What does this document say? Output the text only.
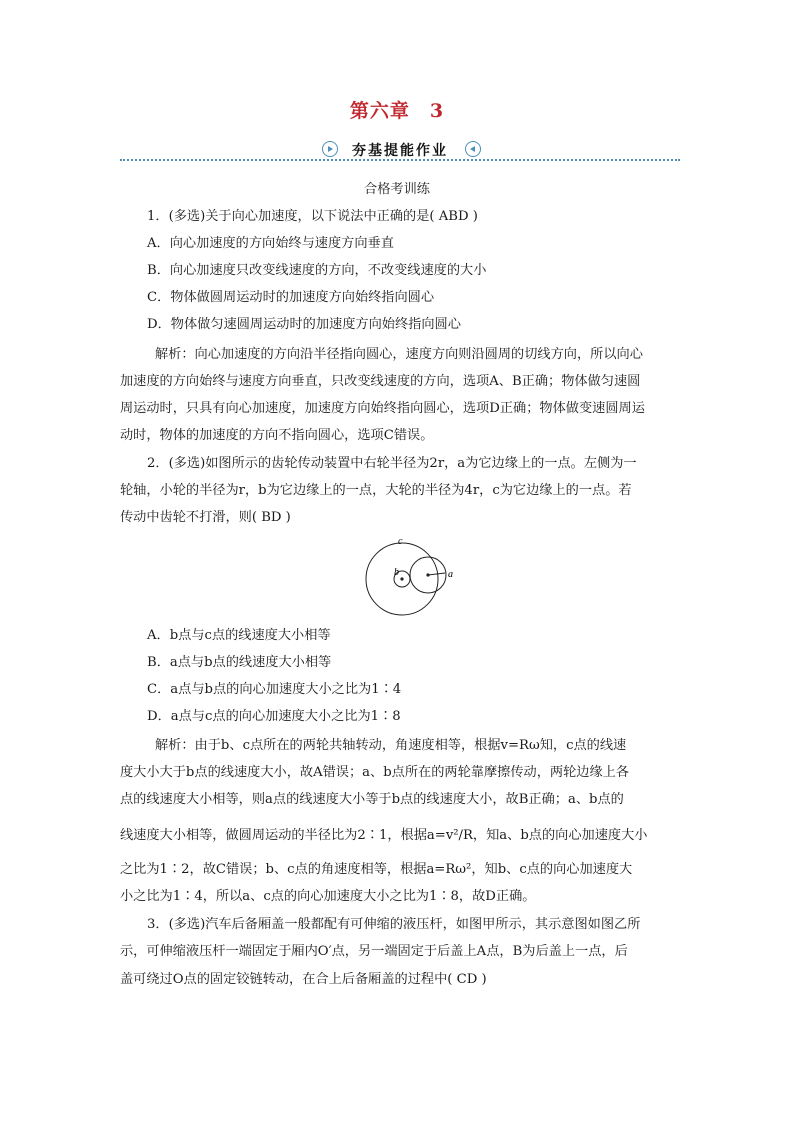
第六章　3
夯基提能作业
合格考训练
1．(多选)关于向心加速度，以下说法中正确的是( ABD )
A．向心加速度的方向始终与速度方向垂直
B．向心加速度只改变线速度的方向，不改变线速度的大小
C．物体做圆周运动时的加速度方向始终指向圆心
D．物体做匀速圆周运动时的加速度方向始终指向圆心
解析：向心加速度的方向沿半径指向圆心，速度方向则沿圆周的切线方向，所以向心
加速度的方向始终与速度方向垂直，只改变线速度的方向，选项A、B正确；物体做匀速圆
周运动时，只具有向心加速度，加速度方向始终指向圆心，选项D正确；物体做变速圆周运
动时，物体的加速度的方向不指向圆心，选项C错误。
2．(多选)如图所示的齿轮传动装置中右轮半径为2r，a为它边缘上的一点。左侧为一
轮轴，小轮的半径为r，b为它边缘上的一点，大轮的半径为4r，c为它边缘上的一点。若
传动中齿轮不打滑，则( BD )
a
b
c
A．b点与c点的线速度大小相等
B．a点与b点的线速度大小相等
C．a点与b点的向心加速度大小之比为1∶4
D．a点与c点的向心加速度大小之比为1∶8
解析：由于b、c点所在的两轮共轴转动，角速度相等，根据v=Rω知，c点的线速
度大小大于b点的线速度大小，故A错误；a、b点所在的两轮靠摩擦传动，两轮边缘上各
点的线速度大小相等，则a点的线速度大小等于b点的线速度大小，故B正确；a、b点的
线速度大小相等，做圆周运动的半径比为2∶1，根据a=v²/R，知a、b点的向心加速度大小
之比为1∶2，故C错误；b、c点的角速度相等，根据a=Rω²，知b、c点的向心加速度大
小之比为1∶4，所以a、c点的向心加速度大小之比为1∶8，故D正确。
3．(多选)汽车后备厢盖一般都配有可伸缩的液压杆，如图甲所示，其示意图如图乙所
示，可伸缩液压杆一端固定于厢内O′点，另一端固定于后盖上A点，B为后盖上一点，后
盖可绕过O点的固定铰链转动，在合上后备厢盖的过程中( CD )
